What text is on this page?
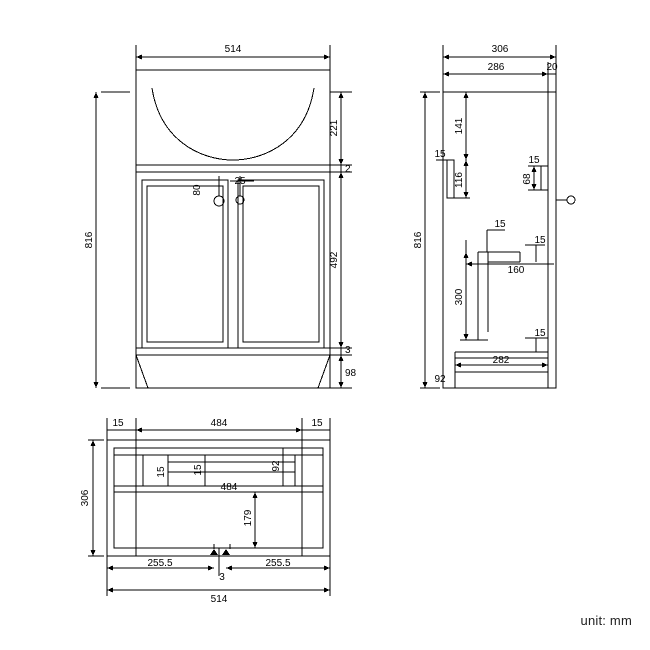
514
816
221
2
492
3
98
80
25
306
286	20
816
141
15
116
15
68
15
15
160
300
15
282
92
15	484	15
306
15	15	92
484
179
255.5	255.5
3
514
unit: mm
